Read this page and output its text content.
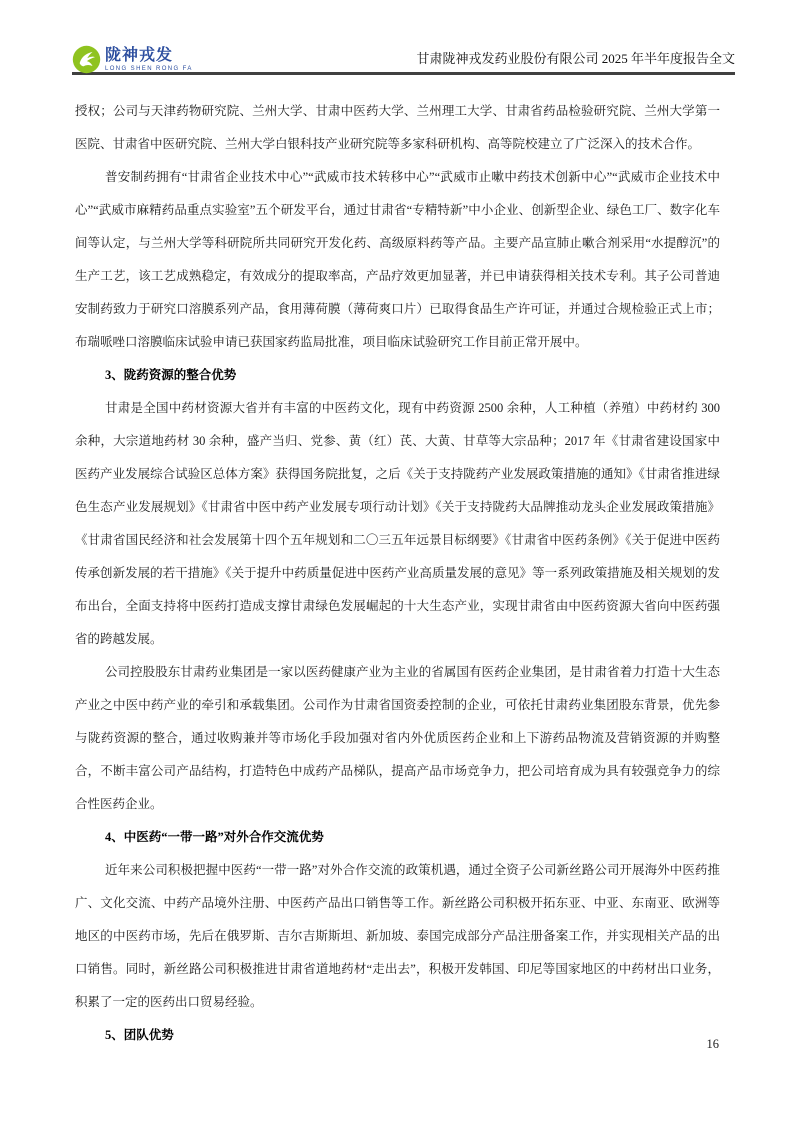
陇神戎发
LONG SHEN RONG FA
甘肃陇神戎发药业股份有限公司 2025 年半年度报告全文

授权；公司与天津药物研究院、兰州大学、甘肃中医药大学、兰州理工大学、甘肃省药品检验研究院、兰州大学第一医院、甘肃省中医研究院、兰州大学白银科技产业研究院等多家科研机构、高等院校建立了广泛深入的技术合作。

普安制药拥有“甘肃省企业技术中心”“武威市技术转移中心”“武威市止嗽中药技术创新中心”“武威市企业技术中心”“武威市麻精药品重点实验室”五个研发平台，通过甘肃省“专精特新”中小企业、创新型企业、绿色工厂、数字化车间等认定，与兰州大学等科研院所共同研究开发化药、高级原料药等产品。主要产品宣肺止嗽合剂采用“水提醇沉”的生产工艺，该工艺成熟稳定，有效成分的提取率高，产品疗效更加显著，并已申请获得相关技术专利。其子公司普迪安制药致力于研究口溶膜系列产品，食用薄荷膜（薄荷爽口片）已取得食品生产许可证，并通过合规检验正式上市；布瑞哌唑口溶膜临床试验申请已获国家药监局批准，项目临床试验研究工作目前正常开展中。

3、陇药资源的整合优势

甘肃是全国中药材资源大省并有丰富的中医药文化，现有中药资源 2500 余种，人工种植（养殖）中药材约 300 余种，大宗道地药材 30 余种，盛产当归、党参、黄（红）芪、大黄、甘草等大宗品种；2017 年《甘肃省建设国家中医药产业发展综合试验区总体方案》获得国务院批复，之后《关于支持陇药产业发展政策措施的通知》《甘肃省推进绿色生态产业发展规划》《甘肃省中医中药产业发展专项行动计划》《关于支持陇药大品牌推动龙头企业发展政策措施》《甘肃省国民经济和社会发展第十四个五年规划和二〇三五年远景目标纲要》《甘肃省中医药条例》《关于促进中医药传承创新发展的若干措施》《关于提升中药质量促进中医药产业高质量发展的意见》等一系列政策措施及相关规划的发布出台，全面支持将中医药打造成支撑甘肃绿色发展崛起的十大生态产业，实现甘肃省由中医药资源大省向中医药强省的跨越发展。

公司控股股东甘肃药业集团是一家以医药健康产业为主业的省属国有医药企业集团，是甘肃省着力打造十大生态产业之中医中药产业的牵引和承载集团。公司作为甘肃省国资委控制的企业，可依托甘肃药业集团股东背景，优先参与陇药资源的整合，通过收购兼并等市场化手段加强对省内外优质医药企业和上下游药品物流及营销资源的并购整合，不断丰富公司产品结构，打造特色中成药产品梯队，提高产品市场竞争力，把公司培育成为具有较强竞争力的综合性医药企业。

4、中医药“一带一路”对外合作交流优势

近年来公司积极把握中医药“一带一路”对外合作交流的政策机遇，通过全资子公司新丝路公司开展海外中医药推广、文化交流、中药产品境外注册、中医药产品出口销售等工作。新丝路公司积极开拓东亚、中亚、东南亚、欧洲等地区的中医药市场，先后在俄罗斯、吉尔吉斯斯坦、新加坡、泰国完成部分产品注册备案工作，并实现相关产品的出口销售。同时，新丝路公司积极推进甘肃省道地药材“走出去”，积极开发韩国、印尼等国家地区的中药材出口业务，积累了一定的医药出口贸易经验。

5、团队优势
16
